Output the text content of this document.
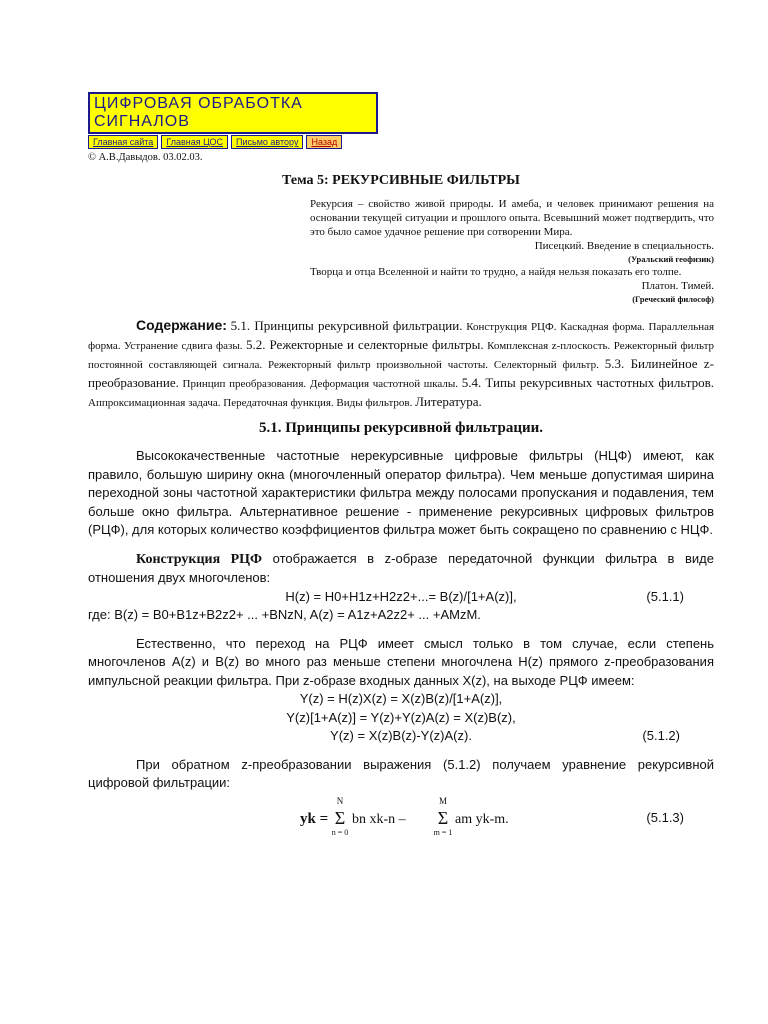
ЦИФРОВАЯ ОБРАБОТКА СИГНАЛОВ
Главная сайта	Главная ЦОС	Письмо автору	Назад
© А.В.Давыдов. 03.02.03.
Тема 5: РЕКУРСИВНЫЕ ФИЛЬТРЫ
Рекурсия – свойство живой природы. И амеба, и человек принимают решения на основании текущей ситуации и прошлого опыта. Всевышний может подтвердить, что это было самое удачное решение при сотворении Мира.
Писецкий. Введение в специальность.
(Уральский геофизик)
Творца и отца Вселенной и найти то трудно, а найдя нельзя показать его толпе.
Платон. Тимей.
(Греческий философ)
Содержание: 5.1. Принципы рекурсивной фильтрации. Конструкция РЦФ. Каскадная форма. Параллельная форма. Устранение сдвига фазы. 5.2. Режекторные и селекторные фильтры. Комплексная z-плоскость. Режекторный фильтр постоянной составляющей сигнала. Режекторный фильтр произвольной частоты. Селекторный фильтр. 5.3. Билинейное z-преобразование. Принцип преобразования. Деформация частотной шкалы. 5.4. Типы рекурсивных частотных фильтров. Аппроксимационная задача. Передаточная функция. Виды фильтров. Литература.
5.1. Принципы рекурсивной фильтрации.
Высококачественные частотные нерекурсивные цифровые фильтры (НЦФ) имеют, как правило, большую ширину окна (многочленный оператор фильтра). Чем меньше допустимая ширина переходной зоны частотной характеристики фильтра между полосами пропускания и подавления, тем больше окно фильтра. Альтернативное решение - применение рекурсивных цифровых фильтров (РЦФ), для которых количество коэффициентов фильтра может быть сокращено по сравнению с НЦФ.
Конструкция РЦФ отображается в z-образе передаточной функции фильтра в виде отношения двух многочленов:
H(z) = H0+H1z+H2z2+...= B(z)/[1+A(z)],	(5.1.1)
где: B(z) = B0+B1z+B2z2+ ... +BNzN, A(z) = A1z+A2z2+ ... +AMzM.
Естественно, что переход на РЦФ имеет смысл только в том случае, если степень многочленов А(z) и B(z) во много раз меньше степени многочлена Н(z) прямого z-преобразования импульсной реакции фильтра. При z-образе входных данных Х(z), на выходе РЦФ имеем:
Y(z) = H(z)X(z) = X(z)B(z)/[1+A(z)],
Y(z)[1+A(z)] = Y(z)+Y(z)A(z) = X(z)B(z),
Y(z) = X(z)B(z)-Y(z)A(z).	(5.1.2)
При обратном z-преобразовании выражения (5.1.2) получаем уравнение рекурсивной цифровой фильтрации:
yk =
N
Σ
n = 0
bn xk-n –
M
Σ
m = 1
am yk-m.	(5.1.3)
